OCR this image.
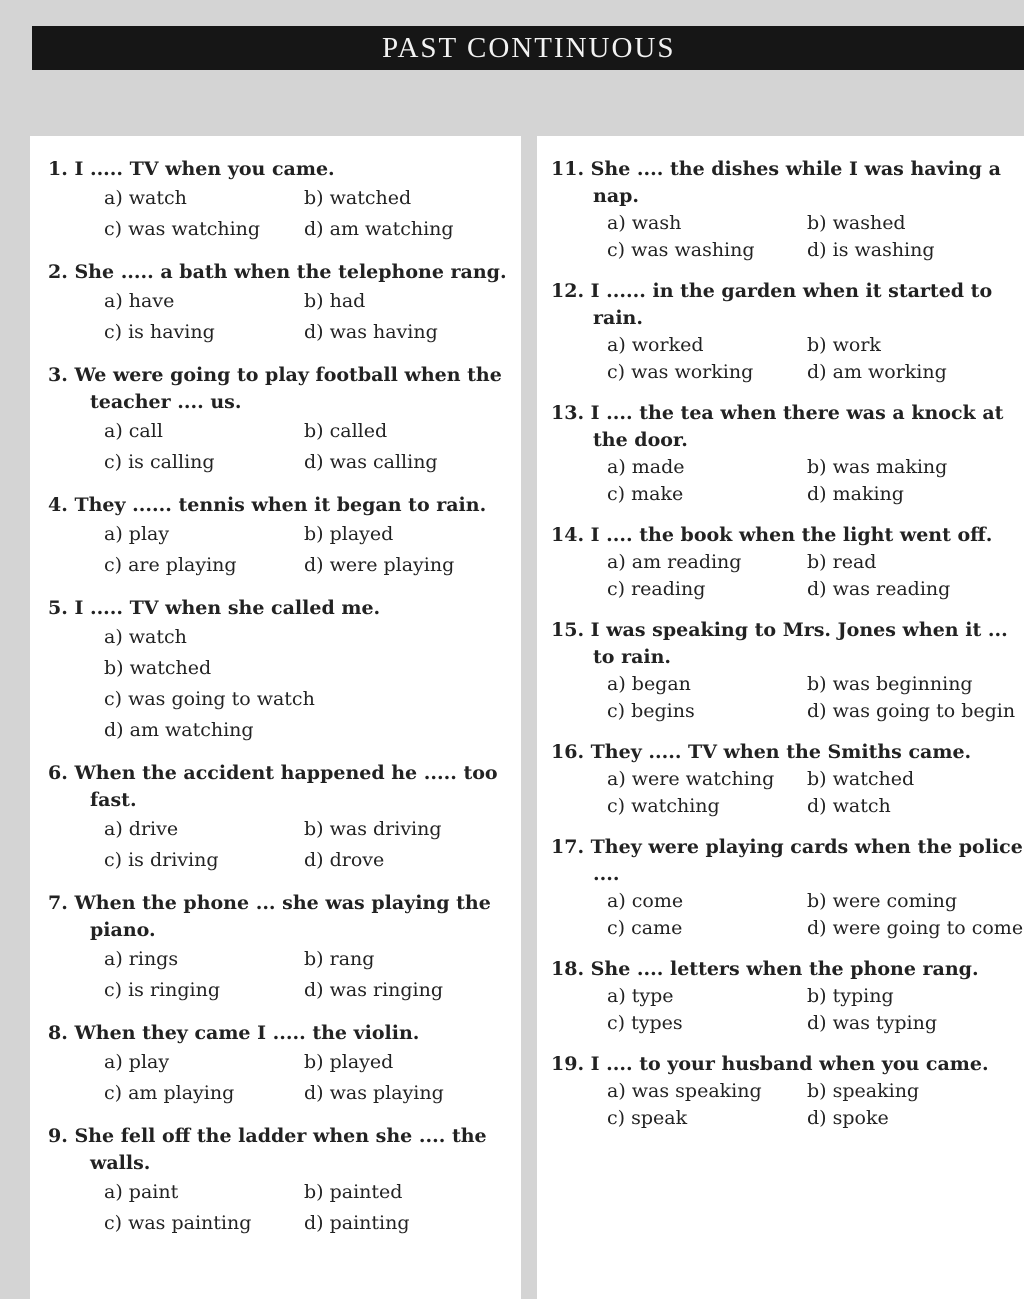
PAST CONTINUOUS
1. I ..... TV when you came.
a) watch	b) watched
c) was watching	d) am watching
2. She ..... a bath when the telephone rang.
a) have	b) had
c) is having	d) was having
3. We were going to play football when the teacher .... us.
a) call	b) called
c) is calling	d) was calling
4. They ...... tennis when it began to rain.
a) play	b) played
c) are playing	d) were playing
5. I ..... TV when she called me.
a) watch
b) watched
c) was going to watch
d) am watching
6. When the accident happened he ..... too fast.
a) drive	b) was driving
c) is driving	d) drove
7. When the phone ... she was playing the piano.
a) rings	b) rang
c) is ringing	d) was ringing
8. When they came I ..... the violin.
a) play	b) played
c) am playing	d) was playing
9. She fell off the ladder when she .... the walls.
a) paint	b) painted
c) was painting	d) painting
11. She .... the dishes while I was having a nap.
a) wash	b) washed
c) was washing	d) is washing
12. I ...... in the garden when it started to rain.
a) worked	b) work
c) was working	d) am working
13. I .... the tea when there was a knock at the door.
a) made	b) was making
c) make	d) making
14. I .... the book when the light went off.
a) am reading	b) read
c) reading	d) was reading
15. I was speaking to Mrs. Jones when it ... to rain.
a) began	b) was beginning
c) begins	d) was going to begin
16. They ..... TV when the Smiths came.
a) were watching	b) watched
c) watching	d) watch
17. They were playing cards when the police ....
a) come	b) were coming
c) came	d) were going to come
18. She .... letters when the phone rang.
a) type	b) typing
c) types	d) was typing
19. I .... to your husband when you came.
a) was speaking	b) speaking
c) speak	d) spoke
